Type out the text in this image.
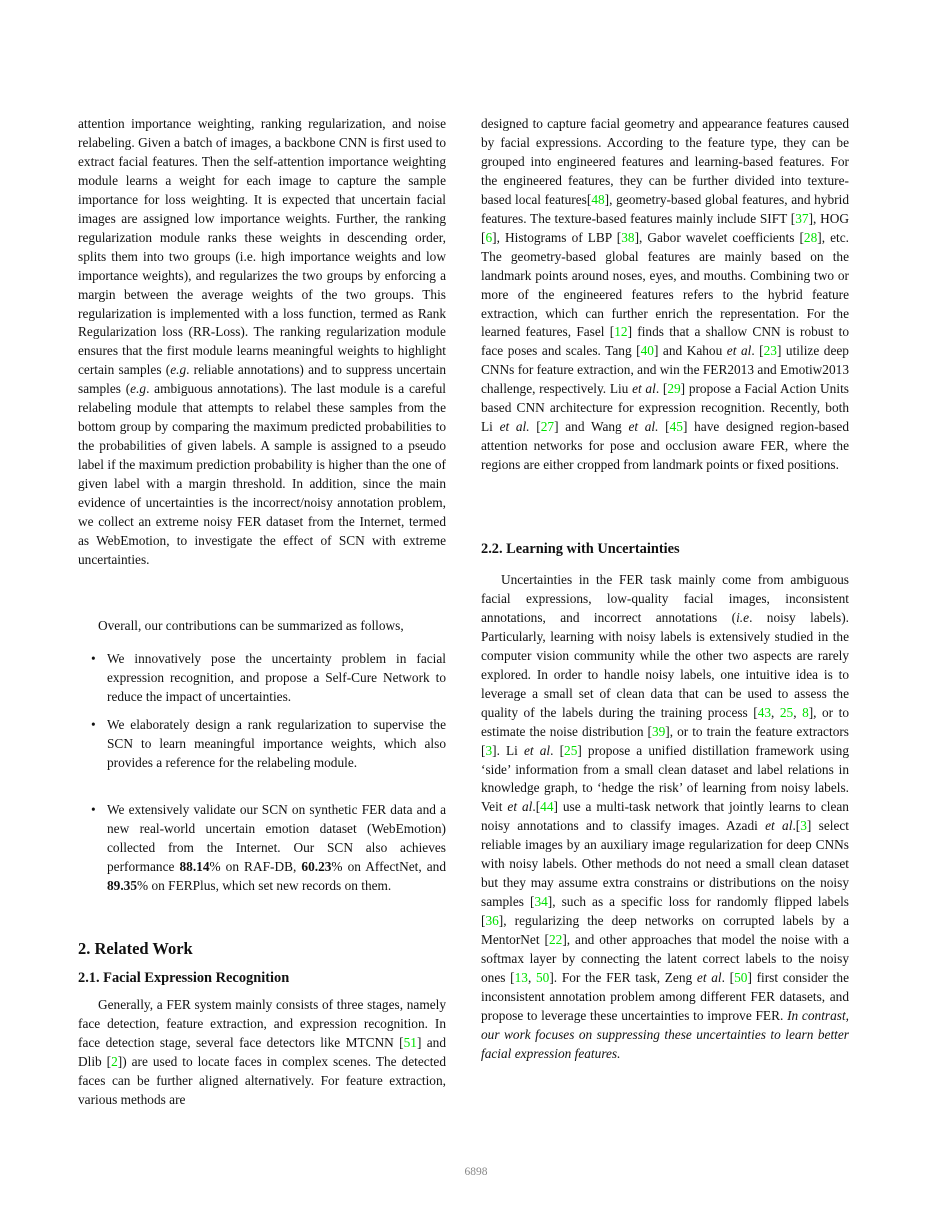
attention importance weighting, ranking regularization, and noise relabeling. Given a batch of images, a backbone CNN is first used to extract facial features. Then the self-attention importance weighting module learns a weight for each image to capture the sample importance for loss weighting. It is expected that uncertain facial images are assigned low importance weights. Further, the ranking regularization module ranks these weights in descending order, splits them into two groups (i.e. high importance weights and low importance weights), and regularizes the two groups by enforcing a margin between the average weights of the two groups. This regularization is implemented with a loss function, termed as Rank Regularization loss (RR-Loss). The ranking regularization module ensures that the first module learns meaningful weights to highlight certain samples (e.g. reliable annotations) and to suppress uncertain samples (e.g. ambiguous annotations). The last module is a careful relabeling module that attempts to relabel these samples from the bottom group by comparing the maximum predicted probabilities to the probabilities of given labels. A sample is assigned to a pseudo label if the maximum prediction probability is higher than the one of given label with a margin threshold. In addition, since the main evidence of uncertainties is the incorrect/noisy annotation problem, we collect an extreme noisy FER dataset from the Internet, termed as WebEmotion, to investigate the effect of SCN with extreme uncertainties.
Overall, our contributions can be summarized as follows,
• We innovatively pose the uncertainty problem in facial expression recognition, and propose a Self-Cure Network to reduce the impact of uncertainties.
• We elaborately design a rank regularization to supervise the SCN to learn meaningful importance weights, which also provides a reference for the relabeling module.
• We extensively validate our SCN on synthetic FER data and a new real-world uncertain emotion dataset (WebEmotion) collected from the Internet. Our SCN also achieves performance 88.14% on RAF-DB, 60.23% on AffectNet, and 89.35% on FERPlus, which set new records on them.
2. Related Work
2.1. Facial Expression Recognition
Generally, a FER system mainly consists of three stages, namely face detection, feature extraction, and expression recognition. In face detection stage, several face detectors like MTCNN [51] and Dlib [2]) are used to locate faces in complex scenes. The detected faces can be further aligned alternatively. For feature extraction, various methods are
designed to capture facial geometry and appearance features caused by facial expressions. According to the feature type, they can be grouped into engineered features and learning-based features. For the engineered features, they can be further divided into texture-based local features[48], geometry-based global features, and hybrid features. The texture-based features mainly include SIFT [37], HOG [6], Histograms of LBP [38], Gabor wavelet coefficients [28], etc. The geometry-based global features are mainly based on the landmark points around noses, eyes, and mouths. Combining two or more of the engineered features refers to the hybrid feature extraction, which can further enrich the representation. For the learned features, Fasel [12] finds that a shallow CNN is robust to face poses and scales. Tang [40] and Kahou et al. [23] utilize deep CNNs for feature extraction, and win the FER2013 and Emotiw2013 challenge, respectively. Liu et al. [29] propose a Facial Action Units based CNN architecture for expression recognition. Recently, both Li et al. [27] and Wang et al. [45] have designed region-based attention networks for pose and occlusion aware FER, where the regions are either cropped from landmark points or fixed positions.
2.2. Learning with Uncertainties
Uncertainties in the FER task mainly come from ambiguous facial expressions, low-quality facial images, inconsistent annotations, and incorrect annotations (i.e. noisy labels). Particularly, learning with noisy labels is extensively studied in the computer vision community while the other two aspects are rarely explored. In order to handle noisy labels, one intuitive idea is to leverage a small set of clean data that can be used to assess the quality of the labels during the training process [43, 25, 8], or to estimate the noise distribution [39], or to train the feature extractors [3]. Li et al. [25] propose a unified distillation framework using ‘side’ information from a small clean dataset and label relations in knowledge graph, to ‘hedge the risk’ of learning from noisy labels. Veit et al.[44] use a multi-task network that jointly learns to clean noisy annotations and to classify images. Azadi et al.[3] select reliable images by an auxiliary image regularization for deep CNNs with noisy labels. Other methods do not need a small clean dataset but they may assume extra constrains or distributions on the noisy samples [34], such as a specific loss for randomly flipped labels [36], regularizing the deep networks on corrupted labels by a MentorNet [22], and other approaches that model the noise with a softmax layer by connecting the latent correct labels to the noisy ones [13, 50]. For the FER task, Zeng et al. [50] first consider the inconsistent annotation problem among different FER datasets, and propose to leverage these uncertainties to improve FER. In contrast, our work focuses on suppressing these uncertainties to learn better facial expression features.
6898
